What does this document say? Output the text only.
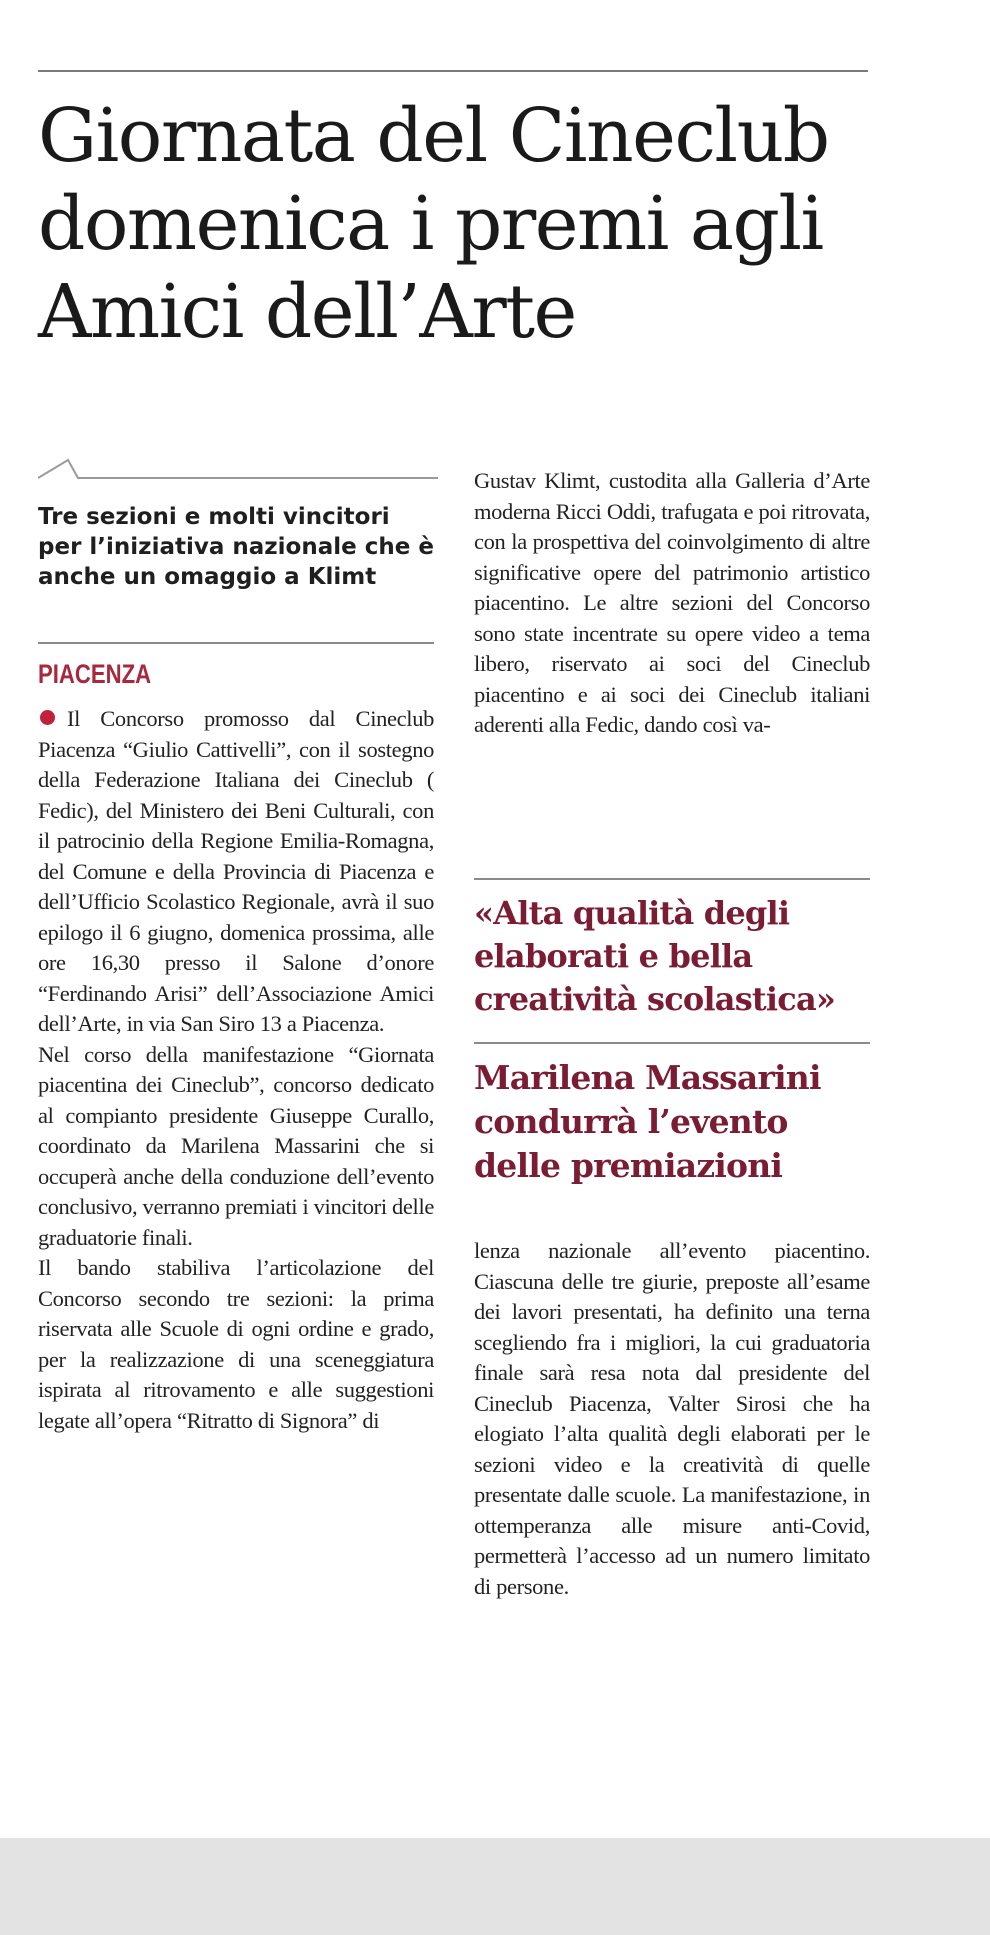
Giornata del Cineclub domenica i premi agli Amici dell’Arte

Tre sezioni e molti vincitori per l’iniziativa nazionale che è anche un omaggio a Klimt

PIACENZA

Il Concorso promosso dal Cineclub Piacenza “Giulio Cattivelli”, con il sostegno della Federazione Italiana dei Cineclub ( Fedic), del Ministero dei Beni Culturali, con il patrocinio della Regione Emilia-Romagna, del Comune e della Provincia di Piacenza e dell’Ufficio Scolastico Regionale, avrà il suo epilogo il 6 giugno, domenica prossima, alle ore 16,30 presso il Salone d’onore “Ferdinando Arisi” dell’Associazione Amici dell’Arte, in via San Siro 13 a Piacenza.

Nel corso della manifestazione “Giornata piacentina dei Cineclub”, concorso dedicato al compianto presidente Giuseppe Curallo, coordinato da Marilena Massarini che si occuperà anche della conduzione dell’evento conclusivo, verranno premiati i vincitori delle graduatorie finali.

Il bando stabiliva l’articolazione del Concorso secondo tre sezioni: la prima riservata alle Scuole di ogni ordine e grado, per la realizzazione di una sceneggiatura ispirata al ritrovamento e alle suggestioni legate all’opera “Ritratto di Signora” di

Gustav Klimt, custodita alla Galleria d’Arte moderna Ricci Oddi, trafugata e poi ritrovata, con la prospettiva del coinvolgimento di altre significative opere del patrimonio artistico piacentino. Le altre sezioni del Concorso sono state incentrate su opere video a tema libero, riservato ai soci del Cineclub piacentino e ai soci dei Cineclub italiani aderenti alla Fedic, dando così va-

«Alta qualità degli elaborati e bella creatività scolastica»

Marilena Massarini condurrà l’evento delle premiazioni

lenza nazionale all’evento piacentino. Ciascuna delle tre giurie, preposte all’esame dei lavori presentati, ha definito una terna scegliendo fra i migliori, la cui graduatoria finale sarà resa nota dal presidente del Cineclub Piacenza, Valter Sirosi che ha elogiato l’alta qualità degli elaborati per le sezioni video e la creatività di quelle presentate dalle scuole. La manifestazione, in ottemperanza alle misure anti-Covid, permetterà l’accesso ad un numero limitato di persone.
